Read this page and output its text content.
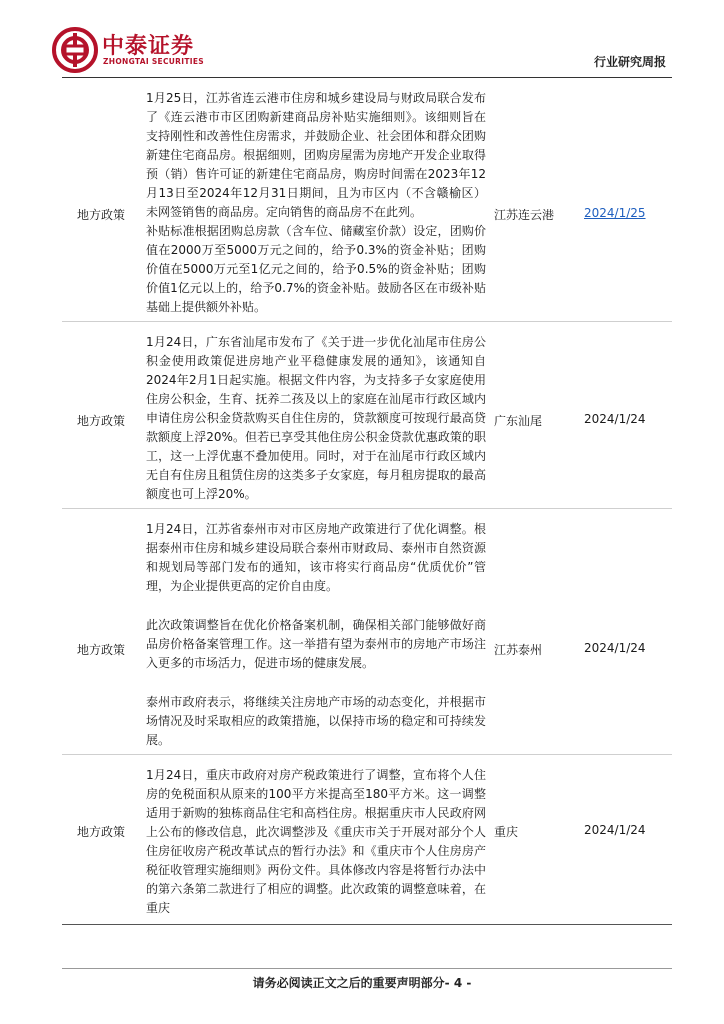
中泰证券
ZHONGTAI SECURITIES	行业研究周报
地方政策

1月25日，江苏省连云港市住房和城乡建设局与财政局联合发布了《连云港市市区团购新建商品房补贴实施细则》。该细则旨在支持刚性和改善性住房需求，并鼓励企业、社会团体和群众团购新建住宅商品房。根据细则，团购房屋需为房地产开发企业取得预（销）售许可证的新建住宅商品房，购房时间需在2023年12月13日至2024年12月31日期间，且为市区内（不含赣榆区）未网签销售的商品房。定向销售的商品房不在此列。

补贴标准根据团购总房款（含车位、储藏室价款）设定，团购价值在2000万至5000万元之间的，给予0.3%的资金补贴；团购价值在5000万元至1亿元之间的，给予0.5%的资金补贴；团购价值1亿元以上的，给予0.7%的资金补贴。鼓励各区在市级补贴基础上提供额外补贴。

江苏连云港	2024/1/25
地方政策

1月24日，广东省汕尾市发布了《关于进一步优化汕尾市住房公积金使用政策促进房地产业平稳健康发展的通知》，该通知自2024年2月1日起实施。根据文件内容，为支持多子女家庭使用住房公积金，生育、抚养二孩及以上的家庭在汕尾市行政区域内申请住房公积金贷款购买自住住房的，贷款额度可按现行最高贷款额度上浮20%。但若已享受其他住房公积金贷款优惠政策的职工，这一上浮优惠不叠加使用。同时，对于在汕尾市行政区域内无自有住房且租赁住房的这类多子女家庭，每月租房提取的最高额度也可上浮20%。

广东汕尾	2024/1/24
地方政策

1月24日，江苏省泰州市对市区房地产政策进行了优化调整。根据泰州市住房和城乡建设局联合泰州市财政局、泰州市自然资源和规划局等部门发布的通知，该市将实行商品房“优质优价”管理，为企业提供更高的定价自由度。

此次政策调整旨在优化价格备案机制，确保相关部门能够做好商品房价格备案管理工作。这一举措有望为泰州市的房地产市场注入更多的市场活力，促进市场的健康发展。

泰州市政府表示，将继续关注房地产市场的动态变化，并根据市场情况及时采取相应的政策措施，以保持市场的稳定和可持续发展。

江苏泰州	2024/1/24
地方政策

1月24日，重庆市政府对房产税政策进行了调整，宣布将个人住房的免税面积从原来的100平方米提高至180平方米。这一调整适用于新购的独栋商品住宅和高档住房。根据重庆市人民政府网上公布的修改信息，此次调整涉及《重庆市关于开展对部分个人住房征收房产税改革试点的暂行办法》和《重庆市个人住房房产税征收管理实施细则》两份文件。具体修改内容是将暂行办法中的第六条第二款进行了相应的调整。此次政策的调整意味着，在重庆

重庆	2024/1/24
请务必阅读正文之后的重要声明部分- 4 -
